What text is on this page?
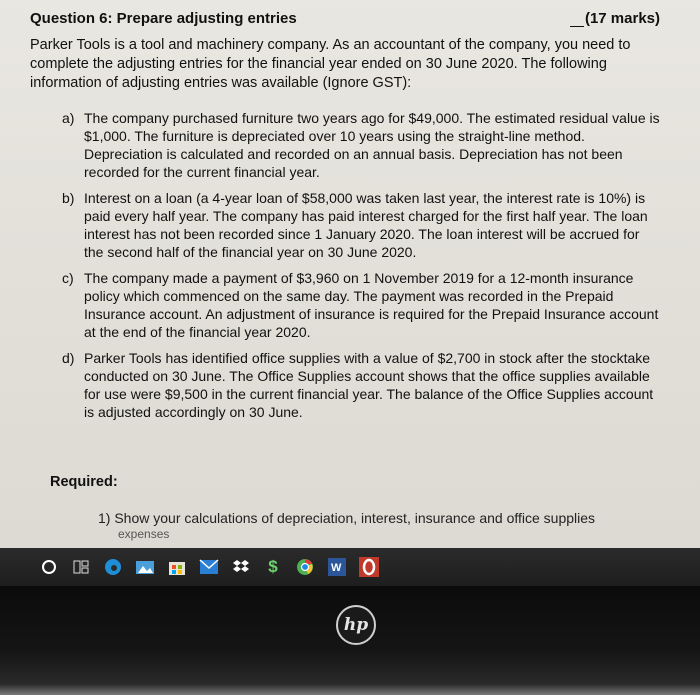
Question 6: Prepare adjusting entries	(17 marks)
Parker Tools is a tool and machinery company. As an accountant of the company, you need to complete the adjusting entries for the financial year ended on 30 June 2020. The following information of adjusting entries was available (Ignore GST):
a) The company purchased furniture two years ago for $49,000. The estimated residual value is $1,000. The furniture is depreciated over 10 years using the straight-line method. Depreciation is calculated and recorded on an annual basis. Depreciation has not been recorded for the current financial year.
b) Interest on a loan (a 4-year loan of $58,000 was taken last year, the interest rate is 10%) is paid every half year. The company has paid interest charged for the first half year. The loan interest has not been recorded since 1 January 2020. The loan interest will be accrued for the second half of the financial year on 30 June 2020.
c) The company made a payment of $3,960 on 1 November 2019 for a 12-month insurance policy which commenced on the same day. The payment was recorded in the Prepaid Insurance account. An adjustment of insurance is required for the Prepaid Insurance account at the end of the financial year 2020.
d) Parker Tools has identified office supplies with a value of $2,700 in stock after the stocktake conducted on 30 June. The Office Supplies account shows that the office supplies available for use were $9,500 in the current financial year. The balance of the Office Supplies account is adjusted accordingly on 30 June.
Required:
1) Show your calculations of depreciation, interest, insurance and office supplies
expenses
$	W
hp
